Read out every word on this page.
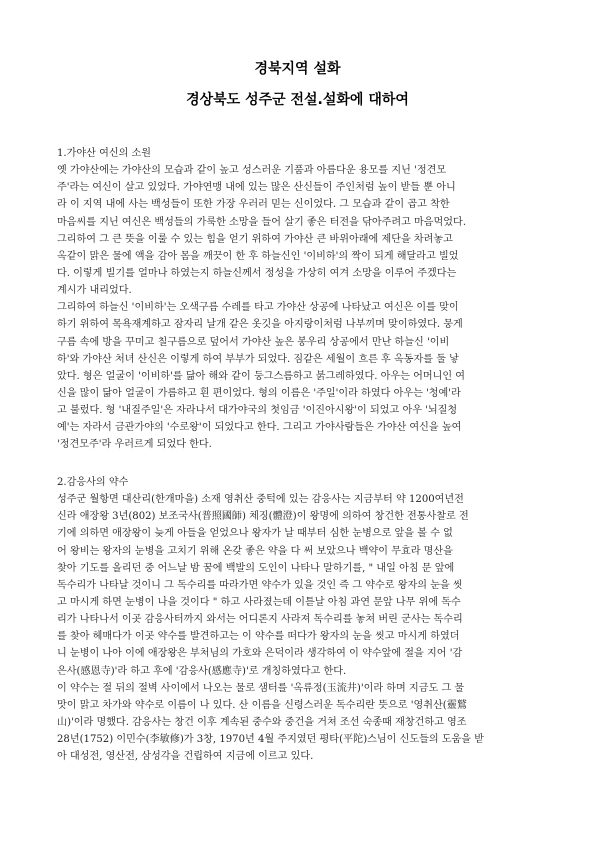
경북지역 설화
경상북도 성주군 전설.설화에 대하여
1.가야산 여신의 소원
옛 가야산에는 가야산의 모습과 같이 높고 성스러운 기품과 아름다운 용모를 지닌 '정견모
주'라는 여신이 살고 있었다. 가야연맹 내에 있는 많은 산신들이 주인처럼 높이 받들 뿐 아니
라 이 지역 내에 사는 백성들이 또한 가장 우러러 믿는 신이었다. 그 모습과 같이 곱고 착한
마음씨를 지닌 여신은 백성들의 가룩한 소망을 들어 살기 좋은 터전을 닦아주려고 마음먹었다.
그리하여 그 큰 뜻을 이룰 수 있는 힘을 얻기 위하여 가야산 큰 바위아래에 제단을 차려놓고
옥같이 맑은 물에 액을 감아 몸을 깨끗이 한 후 하늘신인 '이비하'의 짝이 되게 해달라고 빌었
다. 이렇게 빌기를 얼마나 하였는지 하늘신께서 정성을 가상히 여겨 소망을 이루어 주겠다는
계시가 내리었다.
그리하여 하늘신 '이비하'는 오색구름 수레를 타고 가야산 상공에 나타났고 여신은 이를 맞이
하기 위하여 목욕재계하고 잠자리 날개 같은 옷깃을 아지랑이처럼 나부끼며 맞이하였다. 뭉게
구름 속에 방을 꾸미고 칠구름으로 덮어서 가야산 높은 봉우리 상공에서 만난 하늘신 '이비
하'와 가야산 처녀 산신은 이렇게 하여 부부가 되었다. 짐같은 세월이 흐른 후 옥동자를 둘 낳
았다. 형은 얼굴이 '이비하'를 닮아 해와 같이 둥그스름하고 붉그레하였다. 아우는 어머니인 여
신을 많이 닮아 얼굴이 가름하고 흰 편이었다. 형의 이름은 '주일'이라 하였다 아우는 '청예'라
고 불렀다. 형 '내질주일'은 자라나서 대가야국의 첫임금 '이진아시왕'이 되었고 아우 '뇌질청
예'는 자라서 금관가야의 '수로왕'이 되었다고 한다. 그리고 가야사람들은 가야산 여신을 높여
'정견모주'라 우러르게 되었다 한다.
2.감응사의 약수
성주군 월항면 대산리(한개마을) 소재 영취산 중턱에 있는 감응사는 지금부터 약 1200여년전
신라 애장왕 3년(802) 보조국사(普照國師) 체징(體澄)이 왕명에 의하여 창건한 전통사찰로 전
기에 의하면 애장왕이 늦게 아들을 얻었으나 왕자가 날 때부터 심한 눈병으로 앞을 볼 수 없
어 왕비는 왕자의 눈병을 고치기 위해 온갖 좋은 약을 다 써 보았으나 백약이 무효라 명산을
찾아 기도를 올리던 중 어느날 밤 꿈에 백발의 도인이 나타나 말하기를, " 내일 아침 문 앞에
독수리가 나타날 것이니 그 독수리를 따라가면 약수가 있을 것인 즉 그 약수로 왕자의 눈을 씻
고 마시게 하면 눈병이 나을 것이다 " 하고 사라졌는데 이튿날 아침 과연 문앞 나무 위에 독수
리가 나타나서 이곳 감응사터까지 와서는 어디론지 사라져 독수리를 놓쳐 버린 군사는 독수리
를 찾아 헤매다가 이곳 약수를 발견하고는 이 약수를 떠다가 왕자의 눈을 씻고 마시게 하였더
니 눈병이 나아 이에 애장왕은 부처님의 가호와 은덕이라 생각하여 이 약수앞에 절을 지어 '감
은사(感恩寺)'라 하고 후에 '감응사(感應寺)'로 개칭하였다고 한다.
이 약수는 절 뒤의 절벽 사이에서 나오는 물로 샘터를 '옥류정(玉流井)'이라 하며 지금도 그 물
맛이 맑고 차가와 약수로 이름이 나 있다. 산 이름을 신령스러운 독수리란 뜻으로 '영취산(靈鷲
山)'이라 명했다. 감응사는 창건 이후 계속된 중수와 중건을 거쳐 조선 숙종때 재창건하고 영조
28년(1752) 이민수(李敏修)가 3창, 1970년 4월 주지였던 평타(平陀)스님이 신도들의 도움을 받
아 대성전, 영산전, 삼성각을 건립하여 지금에 이르고 있다.
